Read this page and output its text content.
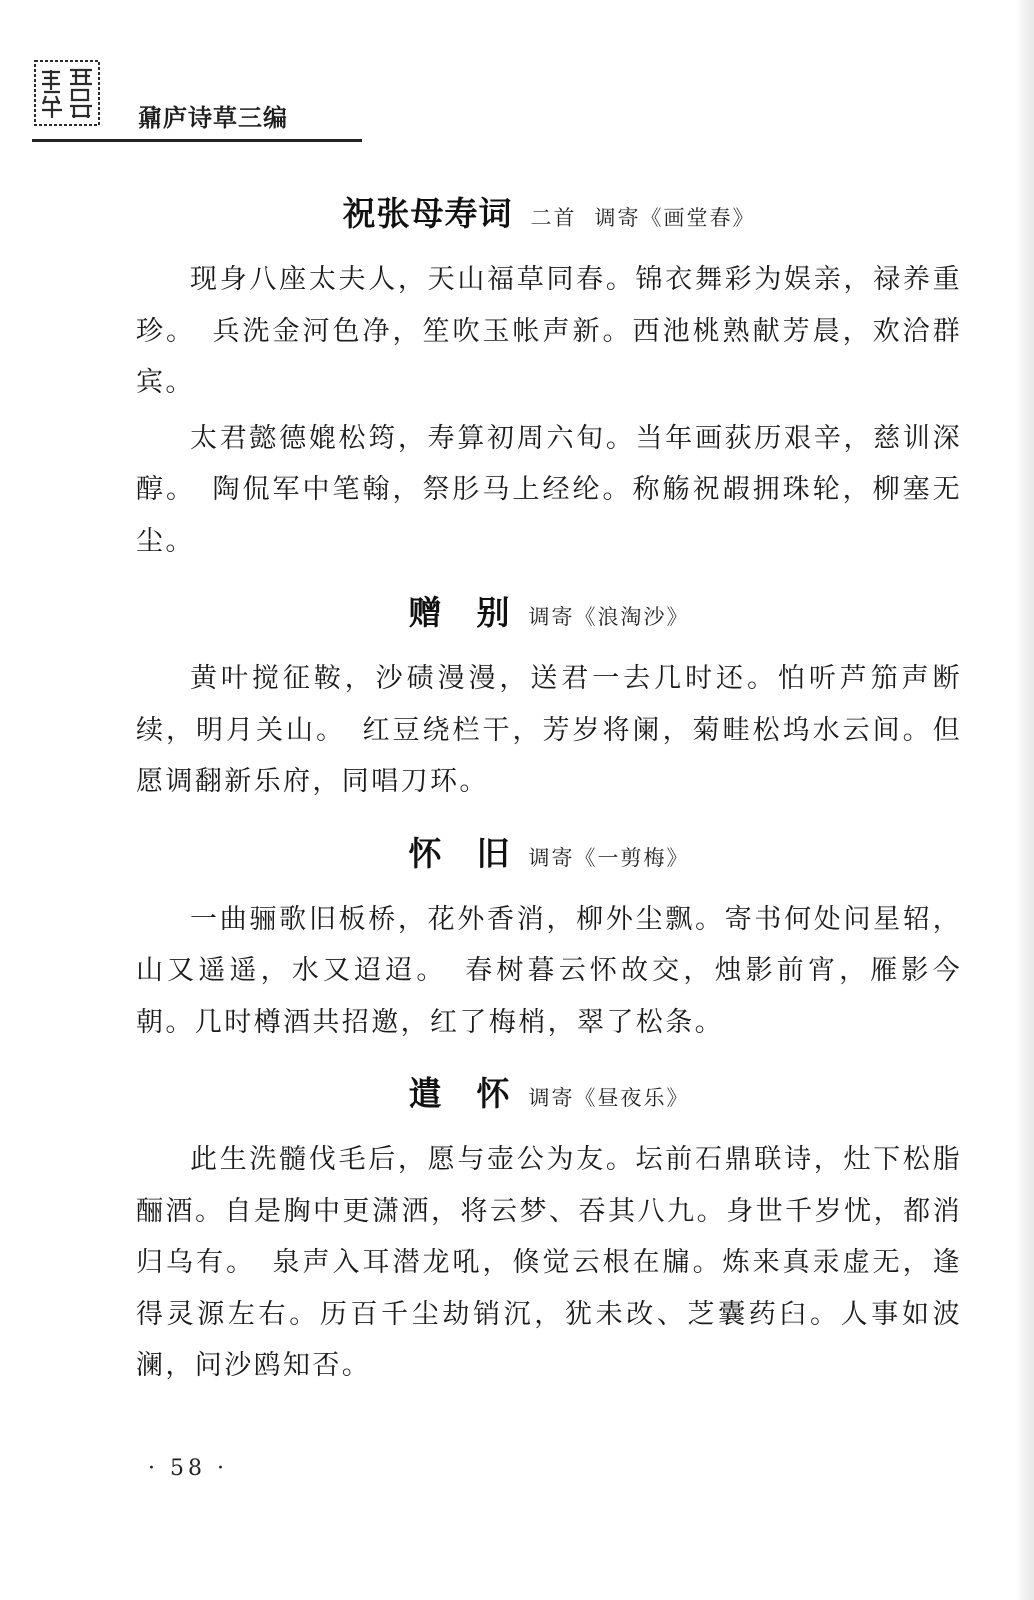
鼐庐诗草三编
祝张母寿词 二首 调寄《画堂春》

现身八座太夫人，天山福草同春。锦衣舞彩为娱亲，禄养重珍。　兵洗金河色净，笙吹玉帐声新。西池桃熟献芳晨，欢洽群宾。

太君懿德媲松筠，寿算初周六旬。当年画荻历艰辛，慈训深醇。　陶侃军中笔翰，祭肜马上经纶。称觞祝嘏拥珠轮，柳塞无尘。

赠　别 调寄《浪淘沙》

黄叶搅征鞍，沙碛漫漫，送君一去几时还。怕听芦笳声断续，明月关山。　红豆绕栏干，芳岁将阑，菊畦松坞水云间。但愿调翻新乐府，同唱刀环。

怀　旧 调寄《一剪梅》

一曲骊歌旧板桥，花外香消，柳外尘飘。寄书何处问星轺，山又遥遥，水又迢迢。　春树暮云怀故交，烛影前宵，雁影今朝。几时樽酒共招邀，红了梅梢，翠了松条。

遣　怀 调寄《昼夜乐》

此生洗髓伐毛后，愿与壶公为友。坛前石鼎联诗，灶下松脂酾酒。自是胸中更潇洒，将云梦、吞其八九。身世千岁忧，都消归乌有。　泉声入耳潜龙吼，倏觉云根在牖。炼来真汞虚无，逢得灵源左右。历百千尘劫销沉，犹未改、芝囊药臼。人事如波澜，问沙鸥知否。

· 58 ·
